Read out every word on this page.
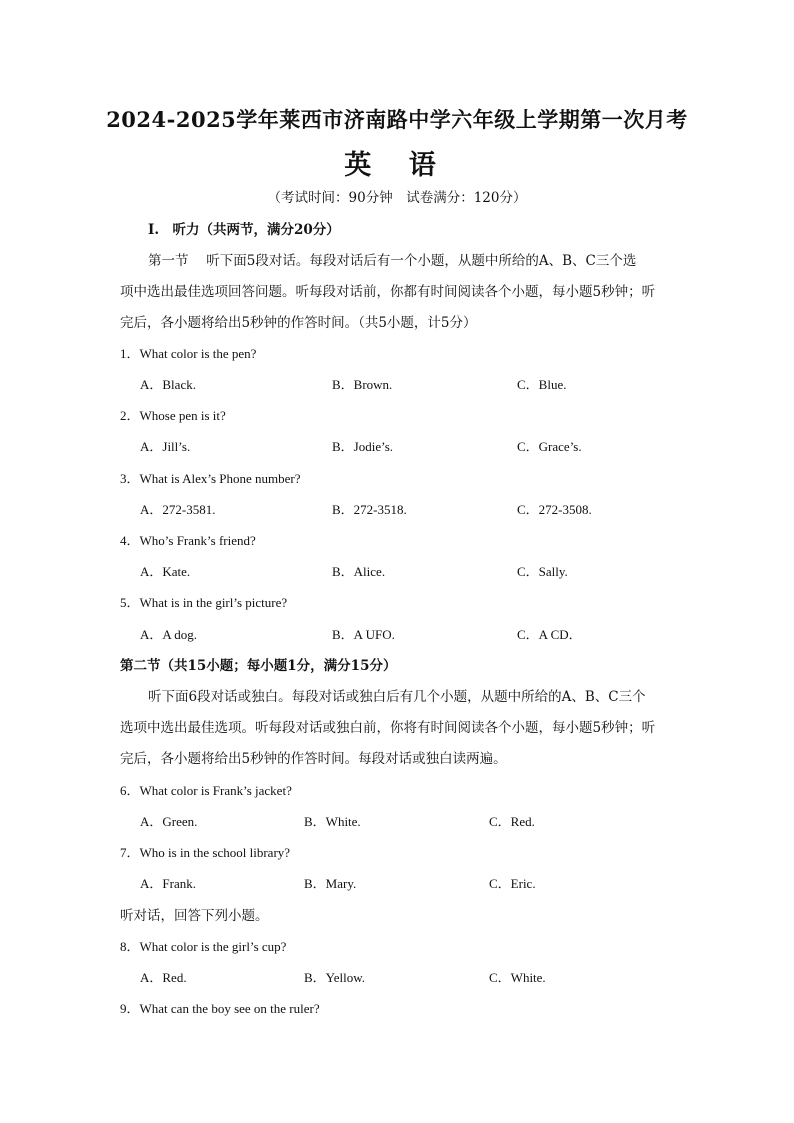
2024-2025学年莱西市济南路中学六年级上学期第一次月考
英 语
（考试时间：90分钟　试卷满分：120分）
I.　听力（共两节，满分20分）
第一节　 听下面5段对话。每段对话后有一个小题，从题中所给的A、B、C三个选
项中选出最佳选项回答问题。听每段对话前，你都有时间阅读各个小题，每小题5秒钟；听
完后，各小题将给出5秒钟的作答时间。（共5小题，计5分）
1．What color is the pen?
A．Black.	B．Brown.	C．Blue.
2．Whose pen is it?
A．Jill’s.	B．Jodie’s.	C．Grace’s.
3．What is Alex’s Phone number?
A．272-3581.	B．272-3518.	C．272-3508.
4．Who’s Frank’s friend?
A．Kate.	B．Alice.	C．Sally.
5．What is in the girl’s picture?
A．A dog.	B．A UFO.	C．A CD．
第二节（共15小题；每小题1分，满分15分）
听下面6段对话或独白。每段对话或独白后有几个小题，从题中所给的A、B、C三个
选项中选出最佳选项。听每段对话或独白前，你将有时间阅读各个小题，每小题5秒钟；听
完后，各小题将给出5秒钟的作答时间。每段对话或独白读两遍。
6．What color is Frank’s jacket?
A．Green.	B．White.	C．Red.
7．Who is in the school library?
A．Frank.	B．Mary.	C．Eric.
听对话，回答下列小题。
8．What color is the girl’s cup?
A．Red.	B．Yellow.	C．White.
9．What can the boy see on the ruler?
